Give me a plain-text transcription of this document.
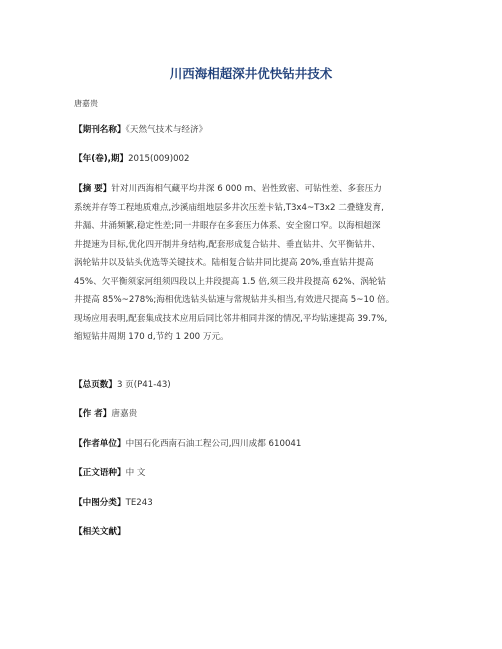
川西海相超深井优快钻井技术
唐嘉贵
【期刊名称】《天然气技术与经济》
【年(卷),期】2015(009)002
【摘 要】针对川西海相气藏平均井深 6 000 m、岩性致密、可钻性差、多套压力
系统并存等工程地质难点,沙溪庙组地层多井次压差卡钻,T3x4~T3x2 二叠缝发育,
井漏、井涌频繁,稳定性差;同一井眼存在多套压力体系、安全窗口窄。以海相超深
井提速为目标,优化四开制井身结构,配套形成复合钻井、垂直钻井、欠平衡钻井、
涡轮钻井以及钻头优选等关键技术。陆相复合钻井同比提高 20%,垂直钻井提高
45%、欠平衡须家河组须四段以上井段提高 1.5 倍,须三段井段提高 62%、涡轮钻
井提高 85%~278%;海相优选钻头钻速与常规钻井头相当,有效进尺提高 5~10 倍。
现场应用表明,配套集成技术应用后同比邻井相同井深的情况,平均钻速提高 39.7%,
缩短钻井周期 170 d,节约 1 200 万元。
【总页数】3 页(P41-43)
【作 者】唐嘉贵
【作者单位】中国石化西南石油工程公司,四川成都 610041
【正文语种】中 文
【中图分类】TE243
【相关文献】
